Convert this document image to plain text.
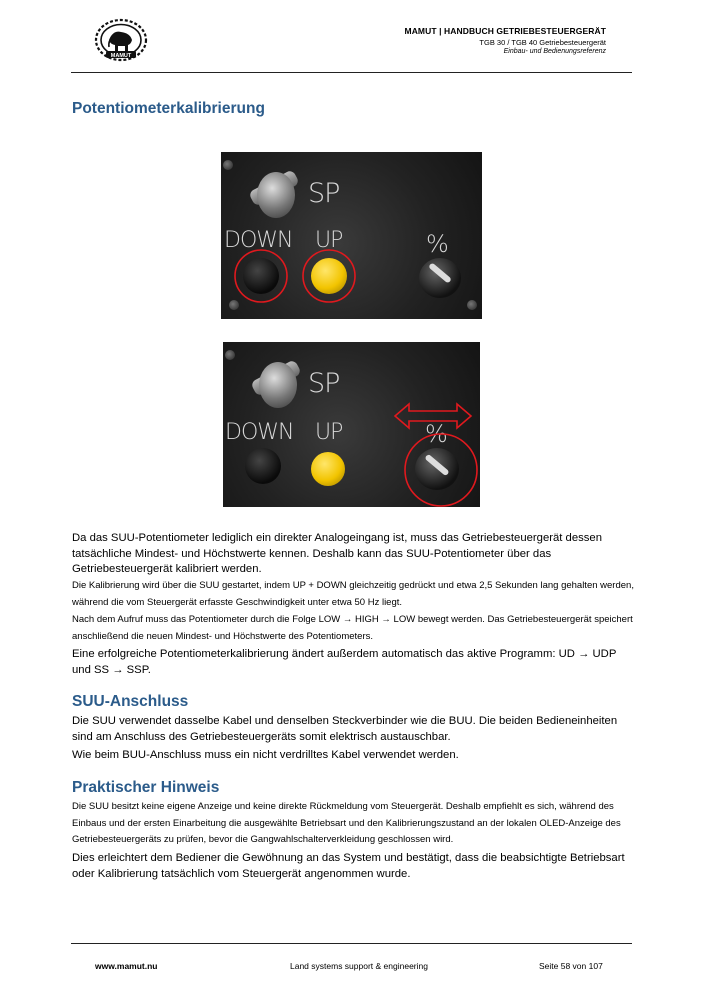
MAMUT
MAMUT | HANDBUCH GETRIEBESTEUERGERÄT
TGB 30 / TGB 40 Getriebesteuergerät
Einbau- und Bedienungsreferenz
Potentiometerkalibrierung
SP
DOWN UP	%
SP
DOWN UP	%

Da das SUU-Potentiometer lediglich ein direkter Analogeingang ist, muss das Getriebesteuergerät dessen tatsächliche Mindest- und Höchstwerte kennen. Deshalb kann das SUU-Potentiometer über das Getriebesteuergerät kalibriert werden.

Die Kalibrierung wird über die SUU gestartet, indem UP + DOWN gleichzeitig gedrückt und etwa 2,5 Sekunden lang gehalten werden, während die vom Steuergerät erfasste Geschwindigkeit unter etwa 50 Hz liegt.

Nach dem Aufruf muss das Potentiometer durch die Folge LOW → HIGH → LOW bewegt werden. Das Getriebesteuergerät speichert anschließend die neuen Mindest- und Höchstwerte des Potentiometers.

Eine erfolgreiche Potentiometerkalibrierung ändert außerdem automatisch das aktive Programm: UD → UDP und SS → SSP.

SUU-Anschluss

Die SUU verwendet dasselbe Kabel und denselben Steckverbinder wie die BUU. Die beiden Bedieneinheiten sind am Anschluss des Getriebesteuergeräts somit elektrisch austauschbar.

Wie beim BUU-Anschluss muss ein nicht verdrilltes Kabel verwendet werden.

Praktischer Hinweis

Die SUU besitzt keine eigene Anzeige und keine direkte Rückmeldung vom Steuergerät. Deshalb empfiehlt es sich, während des Einbaus und der ersten Einarbeitung die ausgewählte Betriebsart und den Kalibrierungszustand an der lokalen OLED-Anzeige des Getriebesteuergeräts zu prüfen, bevor die Gangwahlschalterverkleidung geschlossen wird.

Dies erleichtert dem Bediener die Gewöhnung an das System und bestätigt, dass die beabsichtigte Betriebsart oder Kalibrierung tatsächlich vom Steuergerät angenommen wurde.

www.mamut.nu	Land systems support & engineering	Seite 58 von 107
